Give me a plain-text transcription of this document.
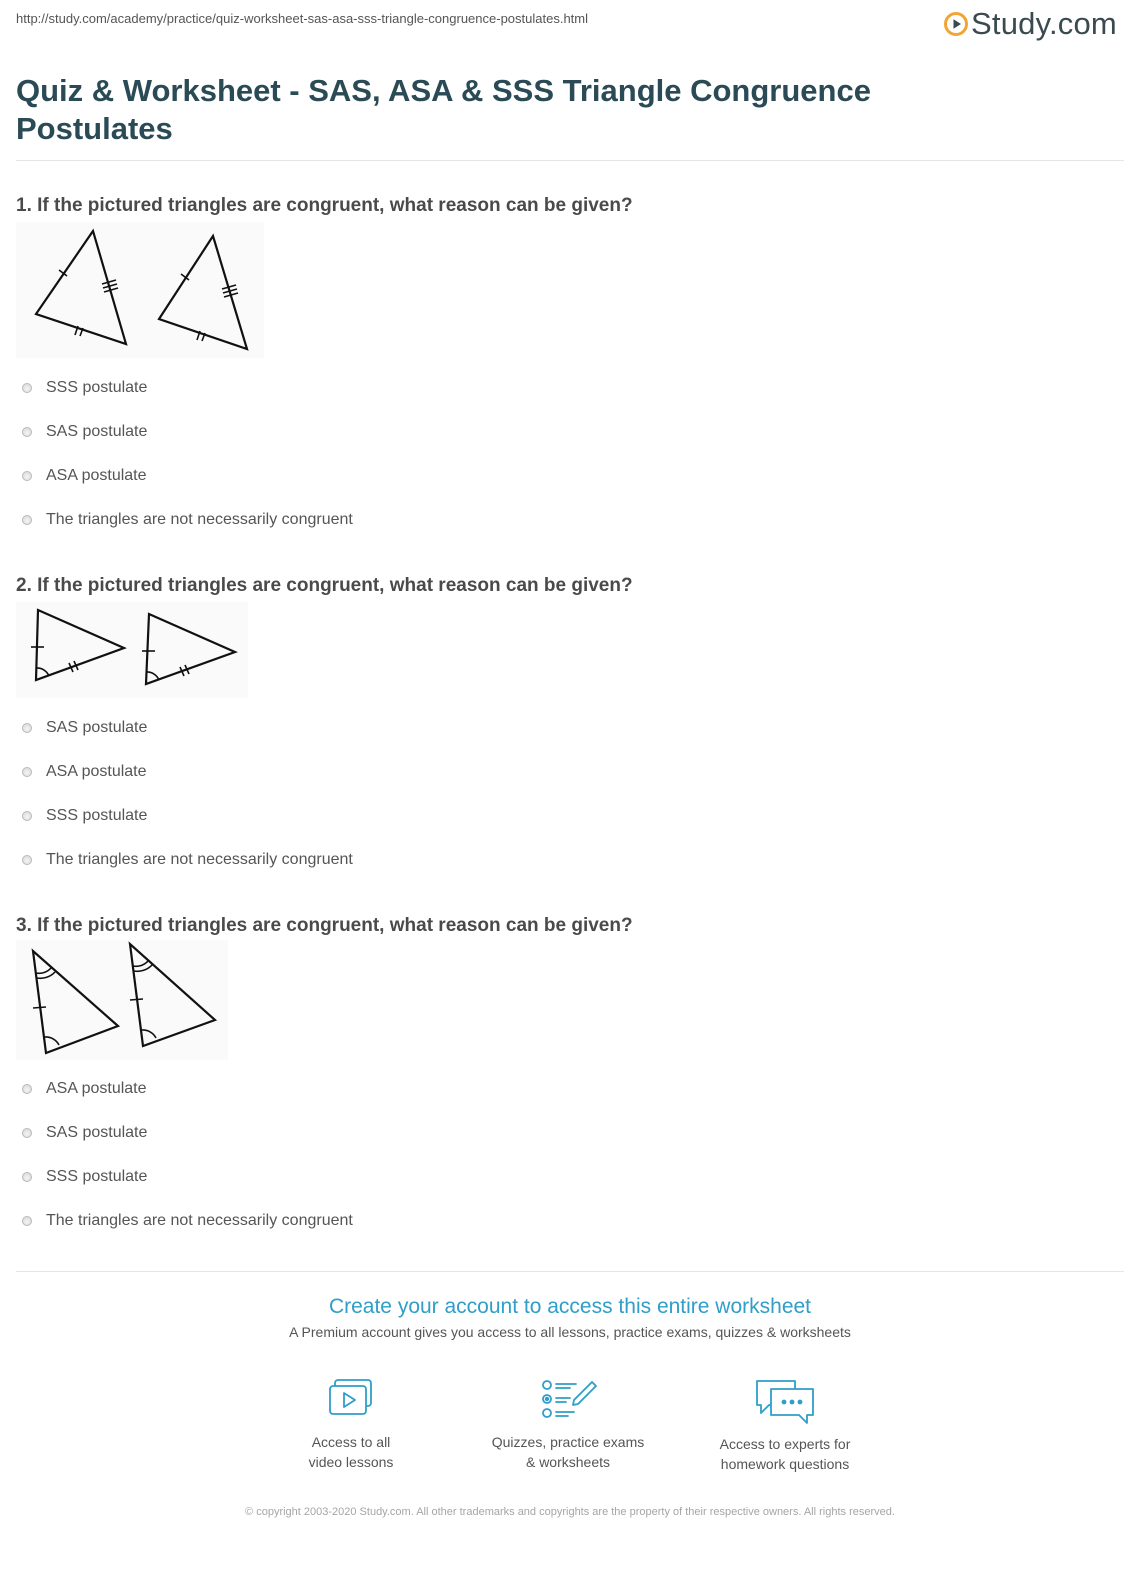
http://study.com/academy/practice/quiz-worksheet-sas-asa-sss-triangle-congruence-postulates.html	Study.com
Quiz & Worksheet - SAS, ASA & SSS Triangle Congruence Postulates
1. If the pictured triangles are congruent, what reason can be given?
SSS postulate
SAS postulate
ASA postulate
The triangles are not necessarily congruent
2. If the pictured triangles are congruent, what reason can be given?
SAS postulate
ASA postulate
SSS postulate
The triangles are not necessarily congruent
3. If the pictured triangles are congruent, what reason can be given?
ASA postulate
SAS postulate
SSS postulate
The triangles are not necessarily congruent
Create your account to access this entire worksheet

A Premium account gives you access to all lessons, practice exams, quizzes & worksheets

Access to all
video lessons
Quizzes, practice exams
& worksheets
Access to experts for
homework questions
© copyright 2003-2020 Study.com. All other trademarks and copyrights are the property of their respective owners. All rights reserved.
